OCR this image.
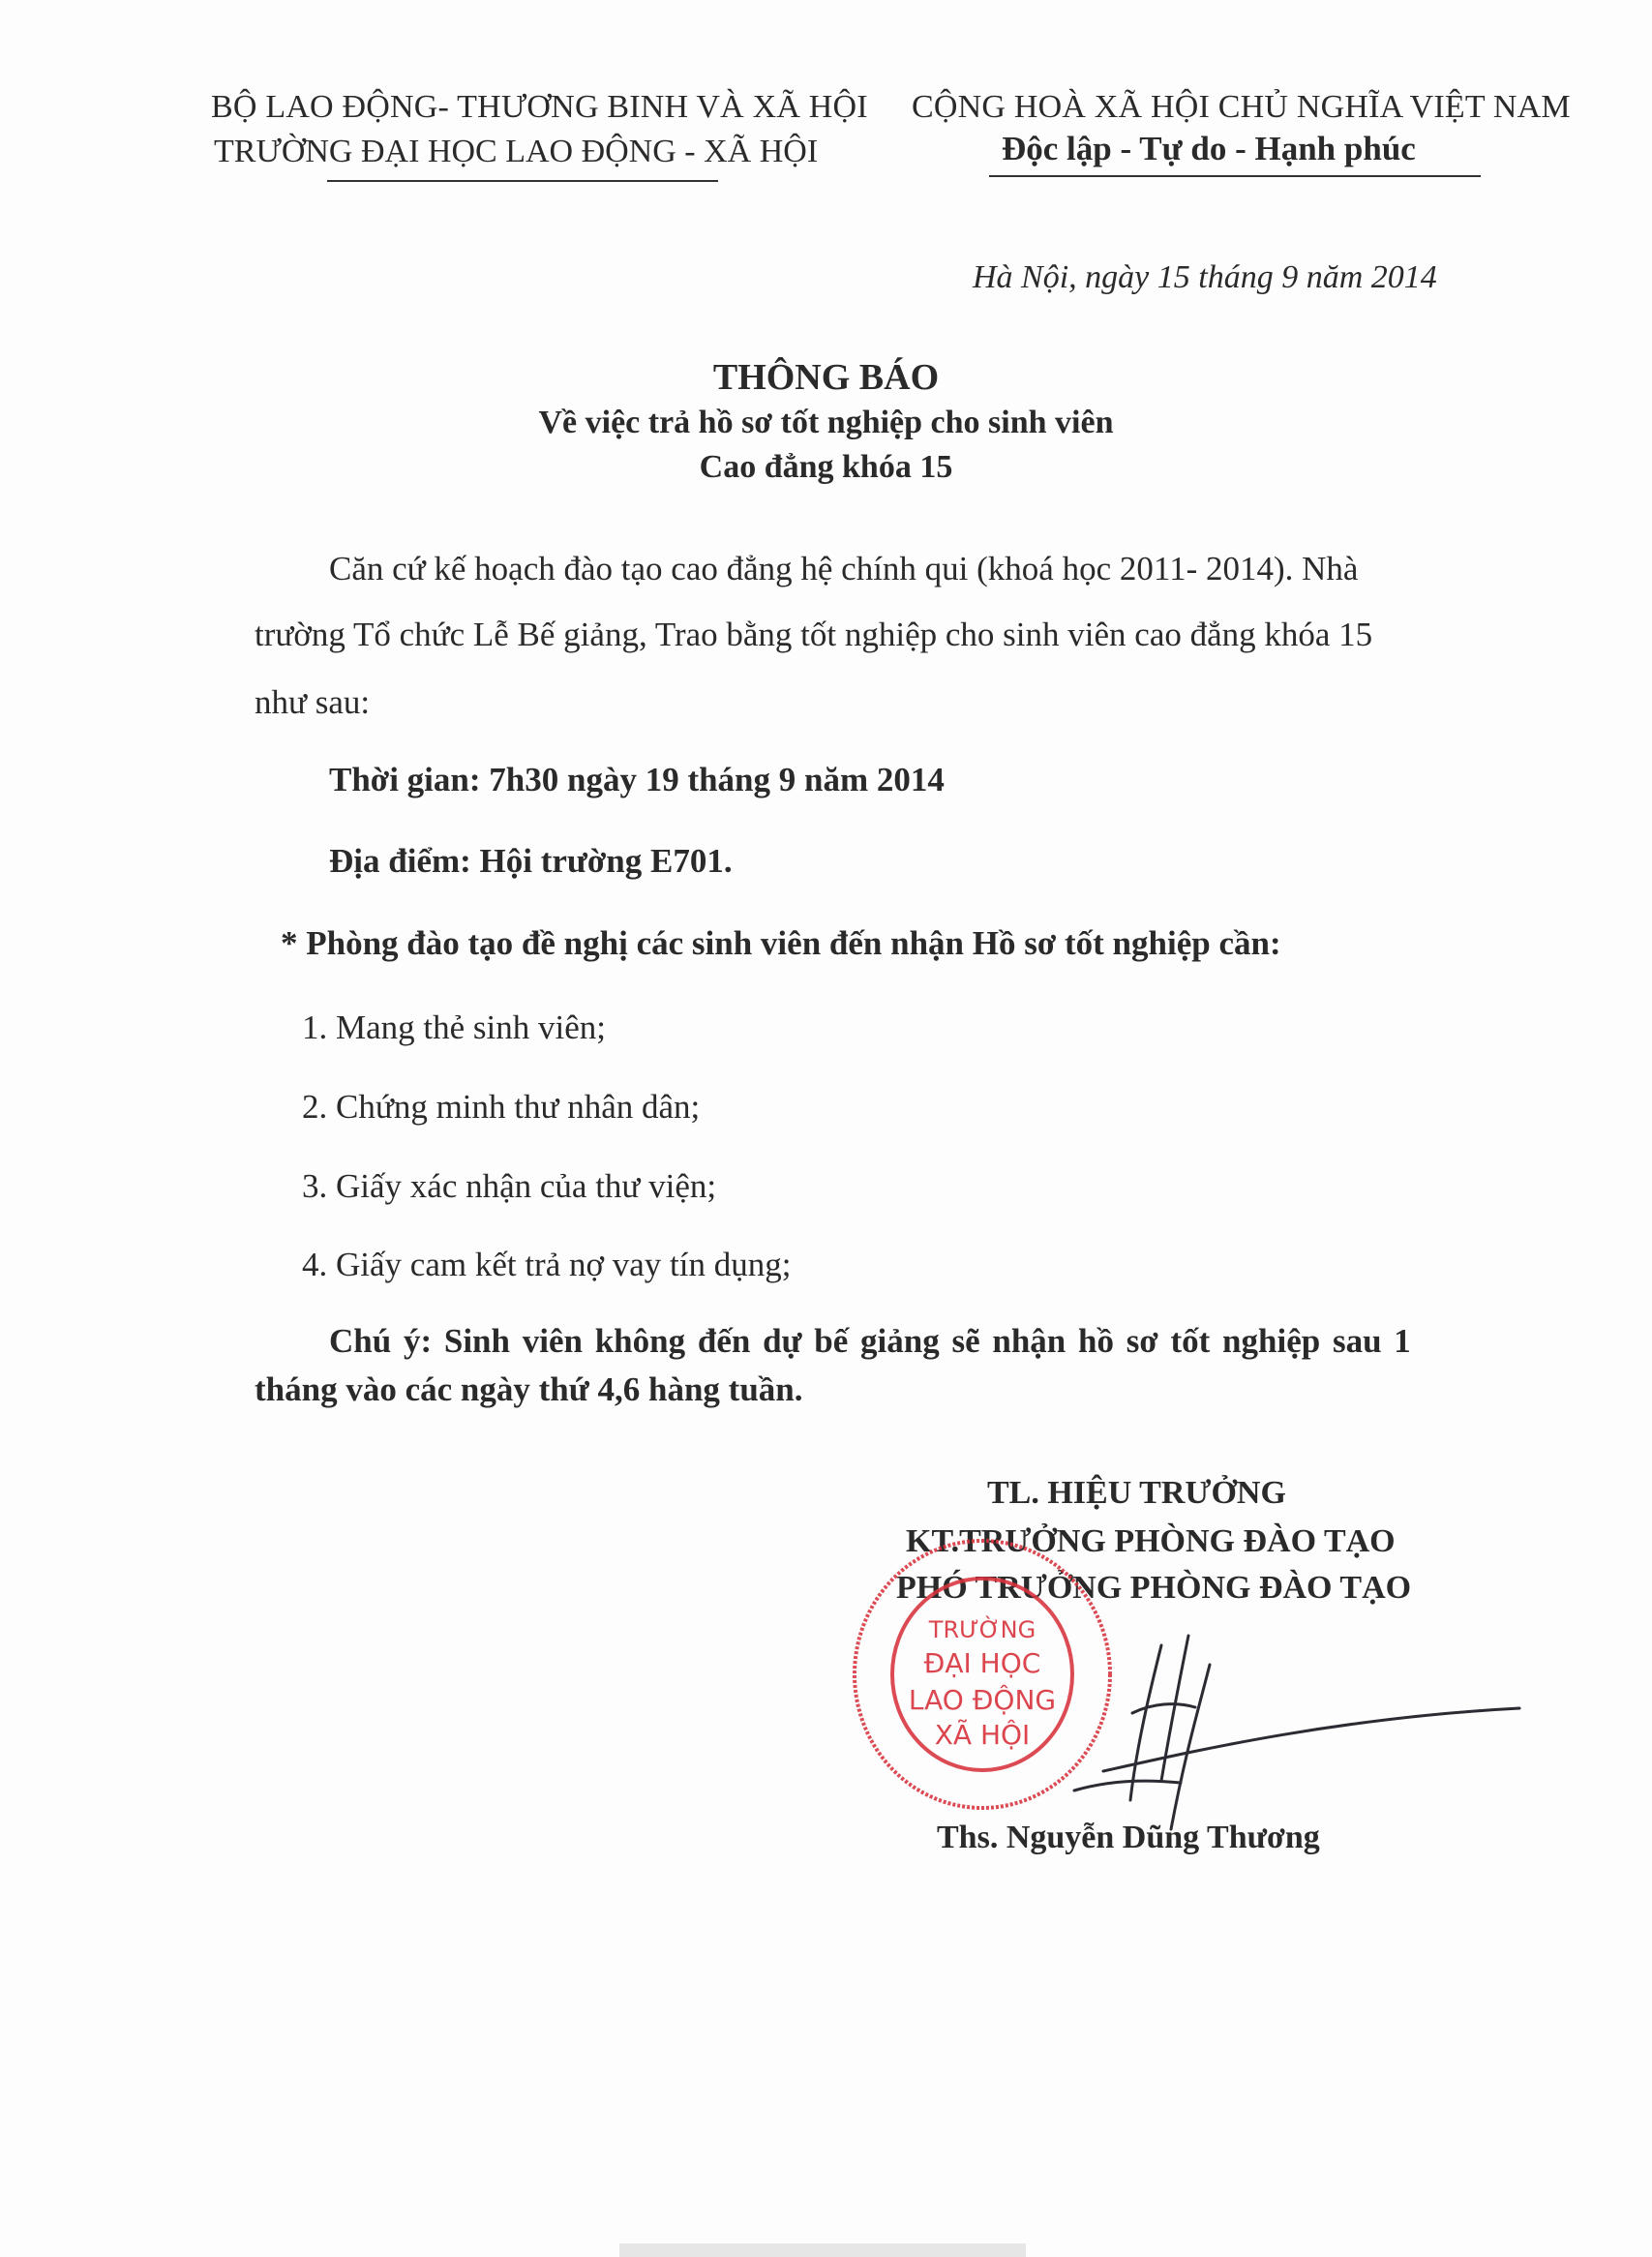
BỘ LAO ĐỘNG- THƯƠNG BINH VÀ XÃ HỘI
TRƯỜNG ĐẠI HỌC LAO ĐỘNG - XÃ HỘI
CỘNG HOÀ XÃ HỘI CHỦ NGHĨA VIỆT NAM
Độc lập - Tự do - Hạnh phúc
Hà Nội, ngày 15 tháng 9 năm 2014
THÔNG BÁO
Về việc trả hồ sơ tốt nghiệp cho sinh viên
Cao đẳng khóa 15
Căn cứ kế hoạch đào tạo cao đẳng hệ chính qui (khoá học 2011- 2014). Nhà
trường Tổ chức Lễ Bế giảng, Trao bằng tốt nghiệp cho sinh viên cao đẳng khóa 15
như sau:
Thời gian: 7h30 ngày 19 tháng 9 năm 2014
Địa điểm: Hội trường E701.
* Phòng đào tạo đề nghị các sinh viên đến nhận Hồ sơ tốt nghiệp cần:
1. Mang thẻ sinh viên;
2. Chứng minh thư nhân dân;
3. Giấy xác nhận của thư viện;
4. Giấy cam kết trả nợ vay tín dụng;
Chú ý: Sinh viên không đến dự bế giảng sẽ nhận hồ sơ tốt nghiệp sau 1
tháng vào các ngày thứ 4,6 hàng tuần.
TL. HIỆU TRƯỞNG
KT.TRƯỞNG PHÒNG ĐÀO TẠO
PHÓ TRƯỞNG PHÒNG ĐÀO TẠO
TRƯỜNG
ĐẠI HỌC
LAO ĐỘNG
XÃ HỘI
Ths. Nguyễn Dũng Thương
